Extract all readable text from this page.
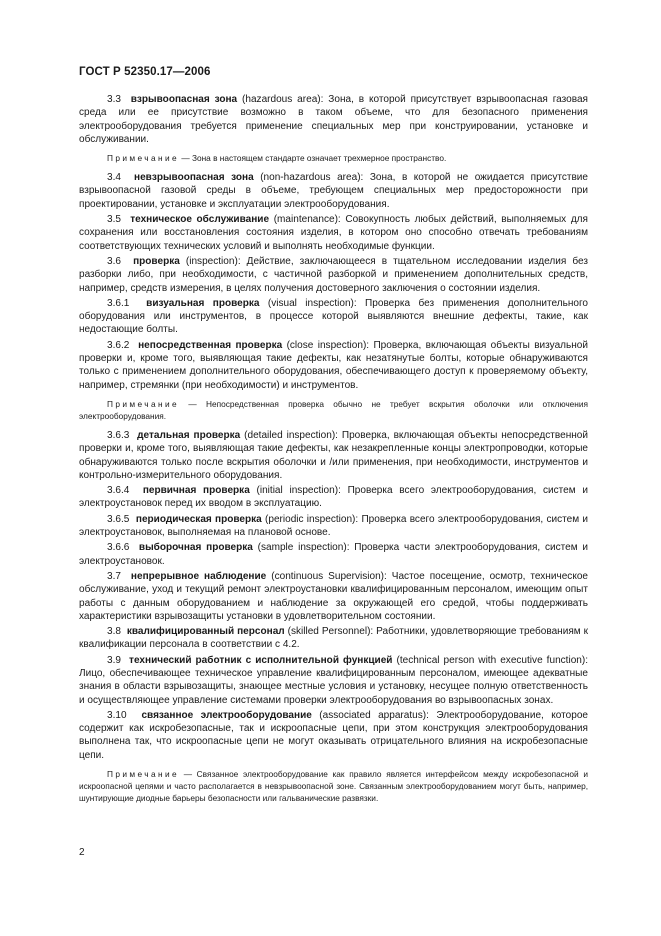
ГОСТ Р 52350.17—2006

3.3 взрывоопасная зона (hazardous area): Зона, в которой присутствует взрывоопасная газовая среда или ее присутствие возможно в таком объеме, что для безопасного применения электрооборудования требуется применение специальных мер при конструировании, установке и обслуживании.

Примечание — Зона в настоящем стандарте означает трехмерное пространство.

3.4 невзрывоопасная зона (non-hazardous area): Зона, в которой не ожидается присутствие взрывоопасной газовой среды в объеме, требующем специальных мер предосторожности при проектировании, установке и эксплуатации электрооборудования.

3.5 техническое обслуживание (maintenance): Совокупность любых действий, выполняемых для сохранения или восстановления состояния изделия, в котором оно способно отвечать требованиям соответствующих технических условий и выполнять необходимые функции.

3.6 проверка (inspection): Действие, заключающееся в тщательном исследовании изделия без разборки либо, при необходимости, с частичной разборкой и применением дополнительных средств, например, средств измерения, в целях получения достоверного заключения о состоянии изделия.

3.6.1 визуальная проверка (visual inspection): Проверка без применения дополнительного оборудования или инструментов, в процессе которой выявляются внешние дефекты, такие, как недостающие болты.

3.6.2 непосредственная проверка (close inspection): Проверка, включающая объекты визуальной проверки и, кроме того, выявляющая такие дефекты, как незатянутые болты, которые обнаруживаются только с применением дополнительного оборудования, обеспечивающего доступ к проверяемому объекту, например, стремянки (при необходимости) и инструментов.

Примечание — Непосредственная проверка обычно не требует вскрытия оболочки или отключения электрооборудования.

3.6.3 детальная проверка (detailed inspection): Проверка, включающая объекты непосредственной проверки и, кроме того, выявляющая такие дефекты, как незакрепленные концы электропроводки, которые обнаруживаются только после вскрытия оболочки и /или применения, при необходимости, инструментов и контрольно-измерительного оборудования.

3.6.4 первичная проверка (initial inspection): Проверка всего электрооборудования, систем и электроустановок перед их вводом в эксплуатацию.

3.6.5 периодическая проверка (periodic inspection): Проверка всего электрооборудования, систем и электроустановок, выполняемая на плановой основе.

3.6.6 выборочная проверка (sample inspection): Проверка части электрооборудования, систем и электроустановок.

3.7 непрерывное наблюдение (continuous Supervision): Частое посещение, осмотр, техническое обслуживание, уход и текущий ремонт электроустановки квалифицированным персоналом, имеющим опыт работы с данным оборудованием и наблюдение за окружающей его средой, чтобы поддерживать характеристики взрывозащиты установки в удовлетворительном состоянии.

3.8 квалифицированный персонал (skilled Personnel): Работники, удовлетворяющие требованиям к квалификации персонала в соответствии с 4.2.

3.9 технический работник с исполнительной функцией (technical person with executive function): Лицо, обеспечивающее техническое управление квалифицированным персоналом, имеющее адекватные знания в области взрывозащиты, знающее местные условия и установку, несущее полную ответственность и осуществляющее управление системами проверки электрооборудования во взрывоопасных зонах.

3.10 связанное электрооборудование (associated apparatus): Электрооборудование, которое содержит как искробезопасные, так и искроопасные цепи, при этом конструкция электрооборудования выполнена так, что искроопасные цепи не могут оказывать отрицательного влияния на искробезопасные цепи.

Примечание — Связанное электрооборудование как правило является интерфейсом между искробезопасной и искроопасной цепями и часто располагается в невзрывоопасной зоне. Связанным электрооборудованием могут быть, например, шунтирующие диодные барьеры безопасности или гальванические развязки.

2
